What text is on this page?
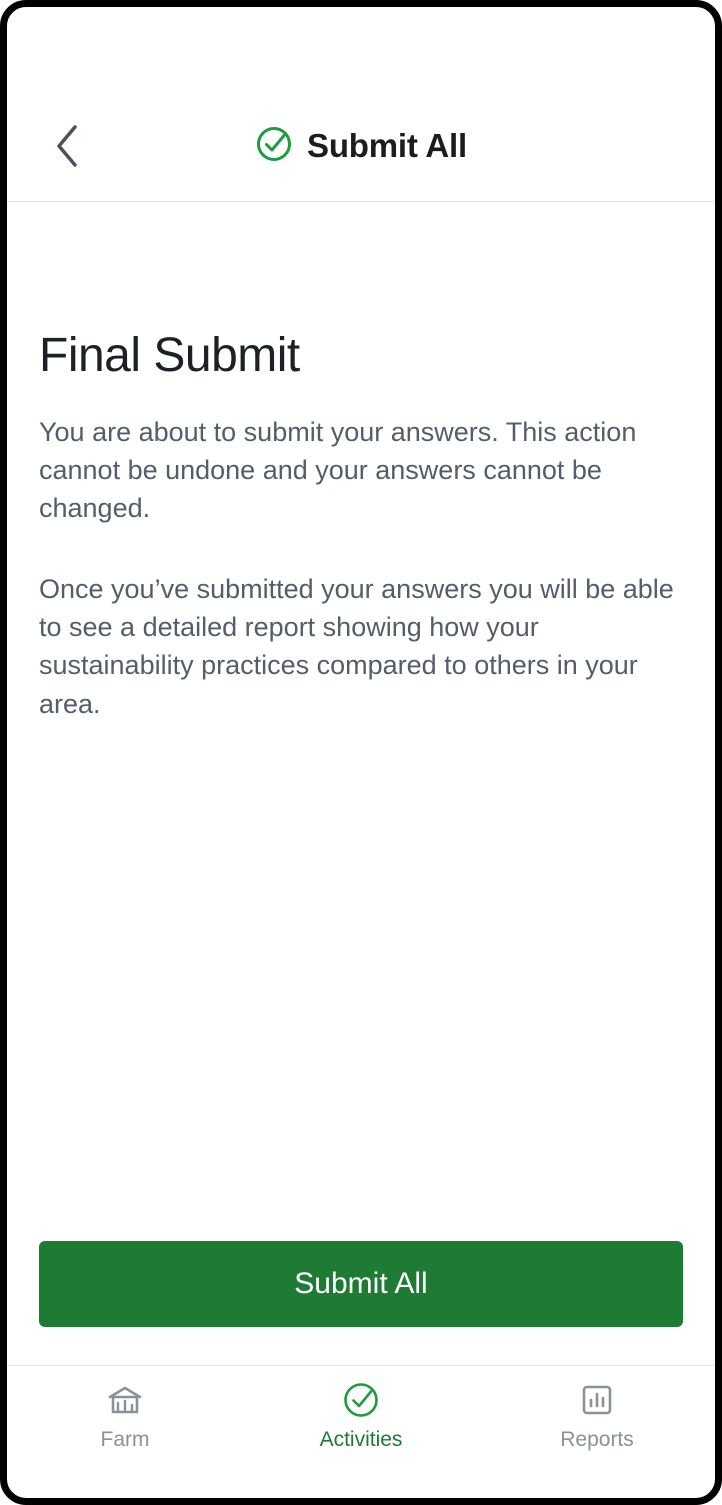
Submit All
Final Submit
You are about to submit your answers. This action cannot be undone and your answers cannot be changed.
Once you’ve submitted your answers you will be able to see a detailed report showing how your sustainability practices compared to others in your area.
Submit All
Farm	Activities	Reports
